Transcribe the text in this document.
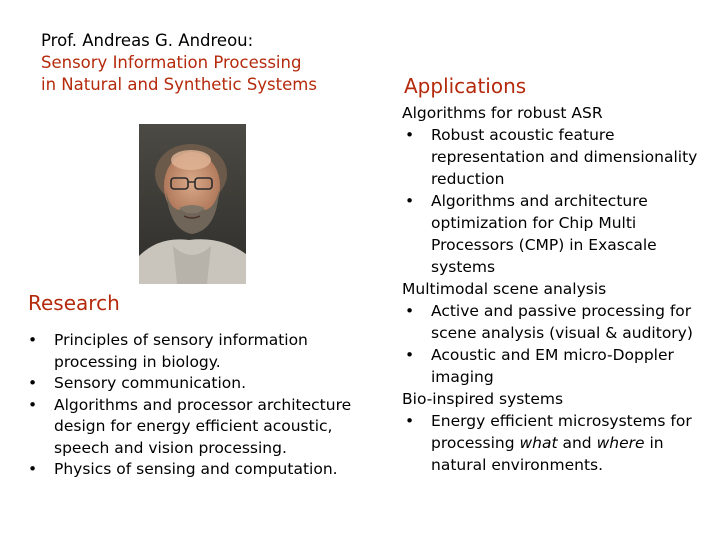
Prof. Andreas G. Andreou:
Sensory Information Processing
in Natural and Synthetic Systems
Research
• Principles of sensory information processing in biology.
• Sensory communication.
• Algorithms and processor architecture design for energy efficient acoustic, speech and vision processing.
• Physics of sensing and computation.
Applications
Algorithms for robust ASR
• Robust acoustic feature representation and dimensionality reduction
• Algorithms and architecture optimization for Chip Multi Processors (CMP) in Exascale systems
Multimodal scene analysis
• Active and passive processing for scene analysis (visual & auditory)
• Acoustic and EM micro-Doppler imaging
Bio-inspired systems
• Energy efficient microsystems for processing what and where in natural environments.
